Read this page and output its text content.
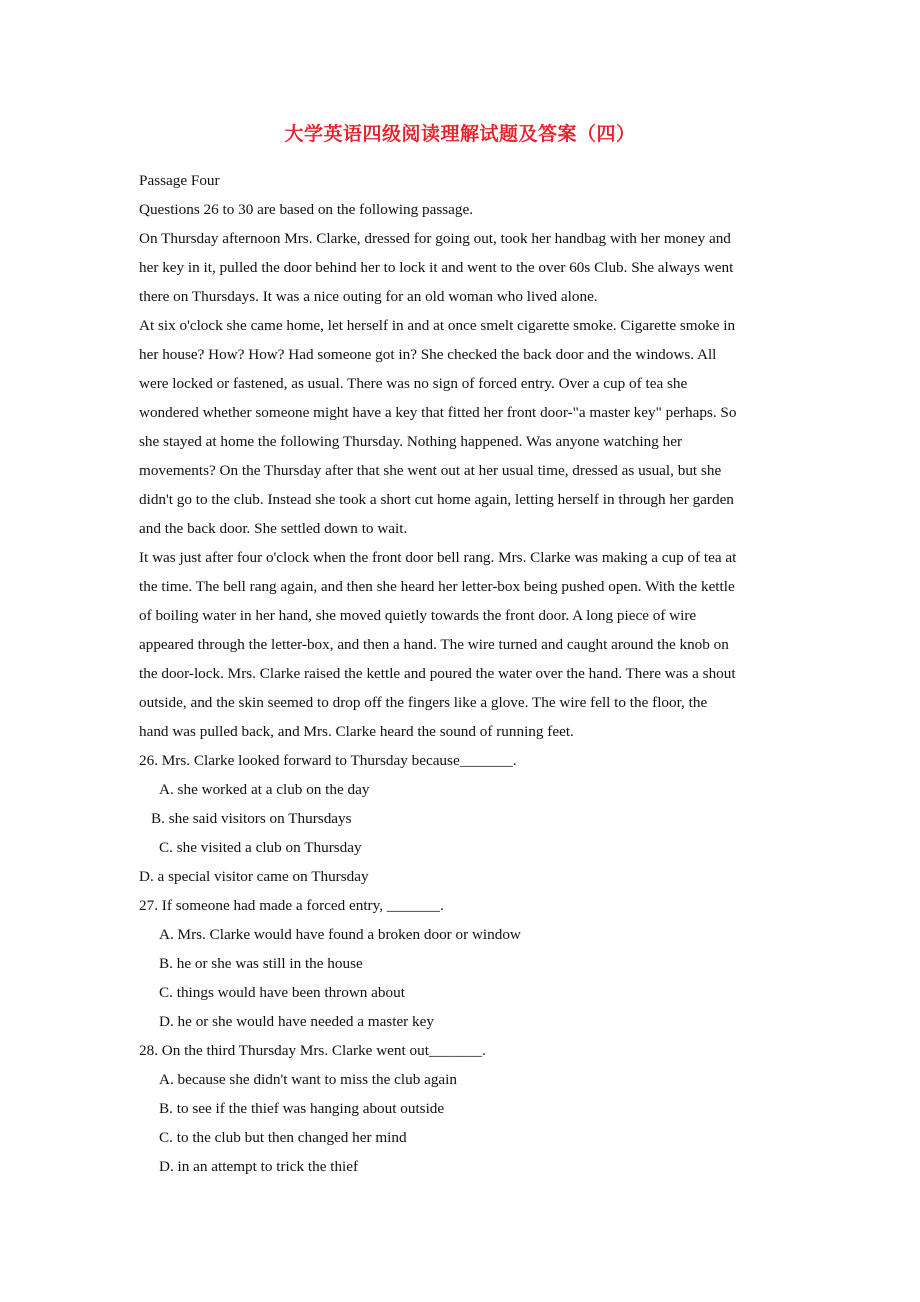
大学英语四级阅读理解试题及答案（四）
Passage Four
Questions 26 to 30 are based on the following passage.
On Thursday afternoon Mrs. Clarke, dressed for going out, took her handbag with her money and
her key in it, pulled the door behind her to lock it and went to the over 60s Club. She always went
there on Thursdays. It was a nice outing for an old woman who lived alone.
At six o'clock she came home, let herself in and at once smelt cigarette smoke. Cigarette smoke in
her house? How? How? Had someone got in? She checked the back door and the windows. All
were locked or fastened, as usual. There was no sign of forced entry. Over a cup of tea she
wondered whether someone might have a key that fitted her front door-"a master key" perhaps. So
she stayed at home the following Thursday. Nothing happened. Was anyone watching her
movements? On the Thursday after that she went out at her usual time, dressed as usual, but she
didn't go to the club. Instead she took a short cut home again, letting herself in through her garden
and the back door. She settled down to wait.
It was just after four o'clock when the front door bell rang. Mrs. Clarke was making a cup of tea at
the time. The bell rang again, and then she heard her letter-box being pushed open. With the kettle
of boiling water in her hand, she moved quietly towards the front door. A long piece of wire
appeared through the letter-box, and then a hand. The wire turned and caught around the knob on
the door-lock. Mrs. Clarke raised the kettle and poured the water over the hand. There was a shout
outside, and the skin seemed to drop off the fingers like a glove. The wire fell to the floor, the
hand was pulled back, and Mrs. Clarke heard the sound of running feet.
26. Mrs. Clarke looked forward to Thursday because_______.
A. she worked at a club on the day
B. she said visitors on Thursdays
C. she visited a club on Thursday
D. a special visitor came on Thursday
27. If someone had made a forced entry, _______.
A. Mrs. Clarke would have found a broken door or window
B. he or she was still in the house
C. things would have been thrown about
D. he or she would have needed a master key
28. On the third Thursday Mrs. Clarke went out_______.
A. because she didn't want to miss the club again
B. to see if the thief was hanging about outside
C. to the club but then changed her mind
D. in an attempt to trick the thief
